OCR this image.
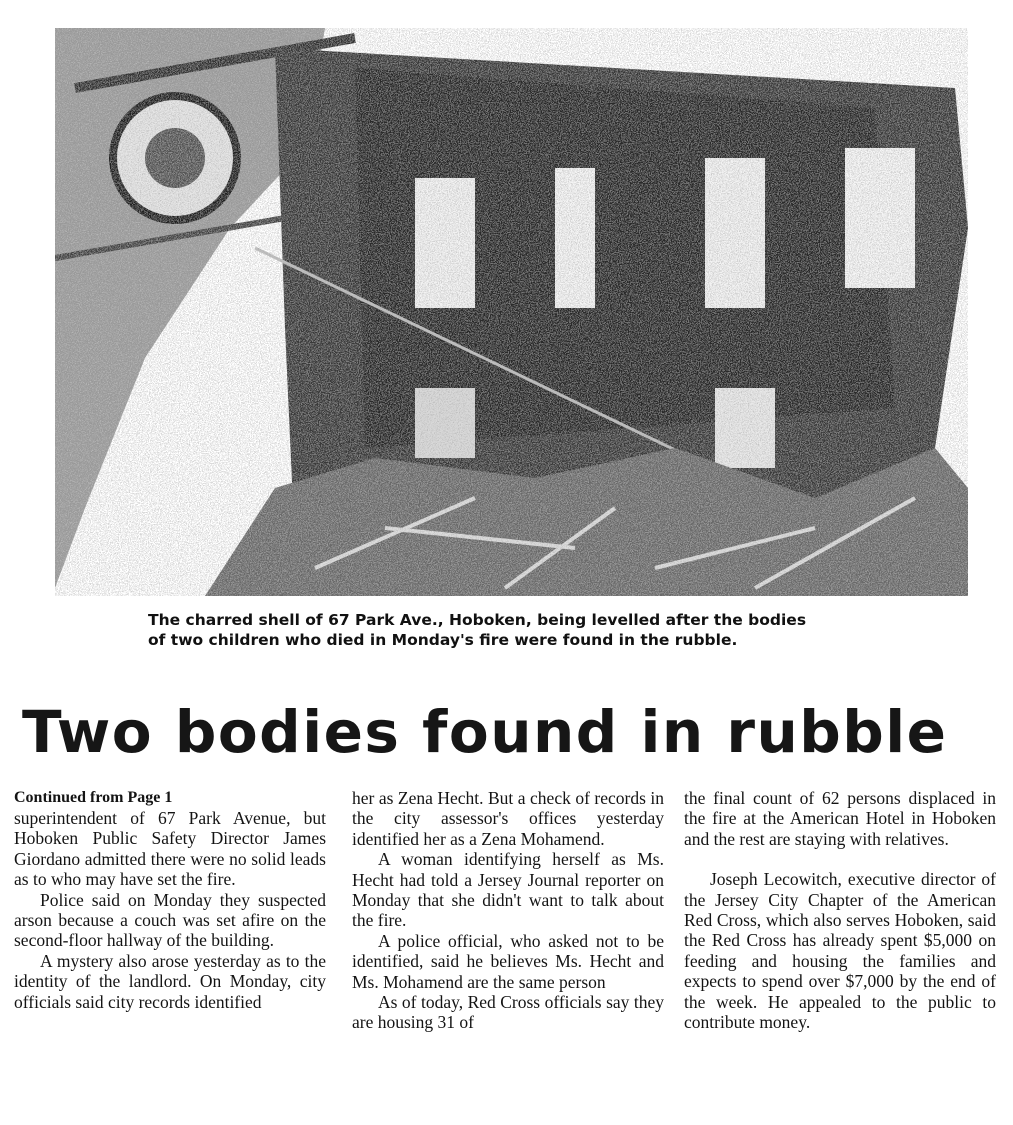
The charred shell of 67 Park Ave., Hoboken, being levelled after the bodies of two children who died in Monday's fire were found in the rubble.
Two bodies found in rubble

Continued from Page 1

superintendent of 67 Park Avenue, but Hoboken Public Safety Director James Giordano admitted there were no solid leads as to who may have set the fire.

Police said on Monday they suspected arson because a couch was set afire on the second-floor hallway of the building.

A mystery also arose yesterday as to the identity of the landlord. On Monday, city officials said city records identified

her as Zena Hecht. But a check of records in the city assessor's offices yesterday identified her as a Zena Mohamend.

A woman identifying herself as Ms. Hecht had told a Jersey Journal reporter on Monday that she didn't want to talk about the fire.

A police official, who asked not to be identified, said he believes Ms. Hecht and Ms. Mohamend are the same person

As of today, Red Cross officials say they are housing 31 of

the final count of 62 persons displaced in the fire at the American Hotel in Hoboken and the rest are staying with relatives.

Joseph Lecowitch, executive director of the Jersey City Chapter of the American Red Cross, which also serves Hoboken, said the Red Cross has already spent $5,000 on feeding and housing the families and expects to spend over $7,000 by the end of the week. He appealed to the public to contribute money.
